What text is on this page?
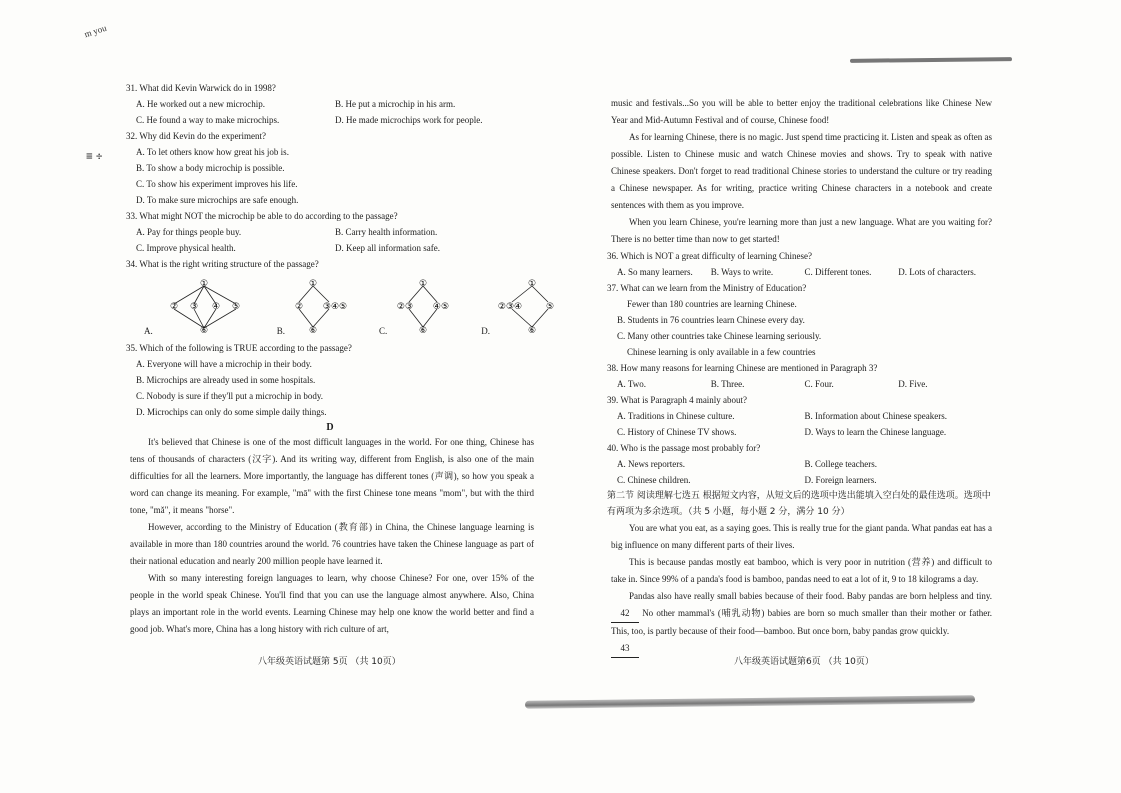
m you
≡ ÷
31. What did Kevin Warwick do in 1998?
A. He worked out a new microchip.	B. He put a microchip in his arm.
C. He found a way to make microchips.	D. He made microchips work for people.
32. Why did Kevin do the experiment?
A. To let others know how great his job is.
B. To show a body microchip is possible.
C. To show his experiment improves his life.
D. To make sure microchips are safe enough.
33. What might NOT the microchip be able to do according to the passage?
A. Pay for things people buy.	B. Carry health information.
C. Improve physical health.	D. Keep all information safe.
34. What is the right writing structure of the passage?
A.
①
② ③ ④ ⑤
⑥	B.
①
② ③④⑤
⑥	C.
①
②③ ④⑤
⑥	D.
①
②③④	⑤
⑥
35. Which of the following is TRUE according to the passage?
A. Everyone will have a microchip in their body.
B. Microchips are already used in some hospitals.
C. Nobody is sure if they'll put a microchip in body.
D. Microchips can only do some simple daily things.
D

It's believed that Chinese is one of the most difficult languages in the world. For one thing, Chinese has tens of thousands of characters (汉字). And its writing way, different from English, is also one of the main difficulties for all the learners. More importantly, the language has different tones (声调), so how you speak a word can change its meaning. For example, "mā" with the first Chinese tone means "mom", but with the third tone, "mǎ", it means "horse".

However, according to the Ministry of Education (教育部) in China, the Chinese language learning is available in more than 180 countries around the world. 76 countries have taken the Chinese language as part of their national education and nearly 200 million people have learned it.

With so many interesting foreign languages to learn, why choose Chinese? For one, over 15% of the people in the world speak Chinese. You'll find that you can use the language almost anywhere. Also, China plays an important role in the world events. Learning Chinese may help one know the world better and find a good job. What's more, China has a long history with rich culture of art,

八年级英语试题第 5页 （共 10页）

music and festivals...So you will be able to better enjoy the traditional celebrations like Chinese New Year and Mid-Autumn Festival and of course, Chinese food!

As for learning Chinese, there is no magic. Just spend time practicing it. Listen and speak as often as possible. Listen to Chinese music and watch Chinese movies and shows. Try to speak with native Chinese speakers. Don't forget to read traditional Chinese stories to understand the culture or try reading a Chinese newspaper. As for writing, practice writing Chinese characters in a notebook and create sentences with them as you improve.

When you learn Chinese, you're learning more than just a new language. What are you waiting for? There is no better time than now to get started!

36. Which is NOT a great difficulty of learning Chinese?
A. So many learners.	B. Ways to write.	C. Different tones.	D. Lots of characters.
37. What can we learn from the Ministry of Education?
Fewer than 180 countries are learning Chinese.
B. Students in 76 countries learn Chinese every day.
C. Many other countries take Chinese learning seriously.
Chinese learning is only available in a few countries
38. How many reasons for learning Chinese are mentioned in Paragraph 3?
A. Two.	B. Three.	C. Four.	D. Five.
39. What is Paragraph 4 mainly about?
A. Traditions in Chinese culture.	B. Information about Chinese speakers.
C. History of Chinese TV shows.	D. Ways to learn the Chinese language.
40. Who is the passage most probably for?
A. News reporters.	B. College teachers.
C. Chinese children.	D. Foreign learners.
第二节 阅读理解七选五 根据短文内容，从短文后的选项中选出能填入空白处的最佳选项。选项中有两项为多余选项。（共 5 小题，每小题 2 分，满分 10 分）

You are what you eat, as a saying goes. This is really true for the giant panda. What pandas eat has a big influence on many different parts of their lives.

This is because pandas mostly eat bamboo, which is very poor in nutrition (营养) and difficult to take in. Since 99% of a panda's food is bamboo, pandas need to eat a lot of it, 9 to 18 kilograms a day.

Pandas also have really small babies because of their food. Baby pandas are born helpless and tiny. 42 No other mammal's (哺乳动物) babies are born so much smaller than their mother or father. This, too, is partly because of their food—bamboo. But once born, baby pandas grow quickly.

43

八年级英语试题第6页 （共 10页）
